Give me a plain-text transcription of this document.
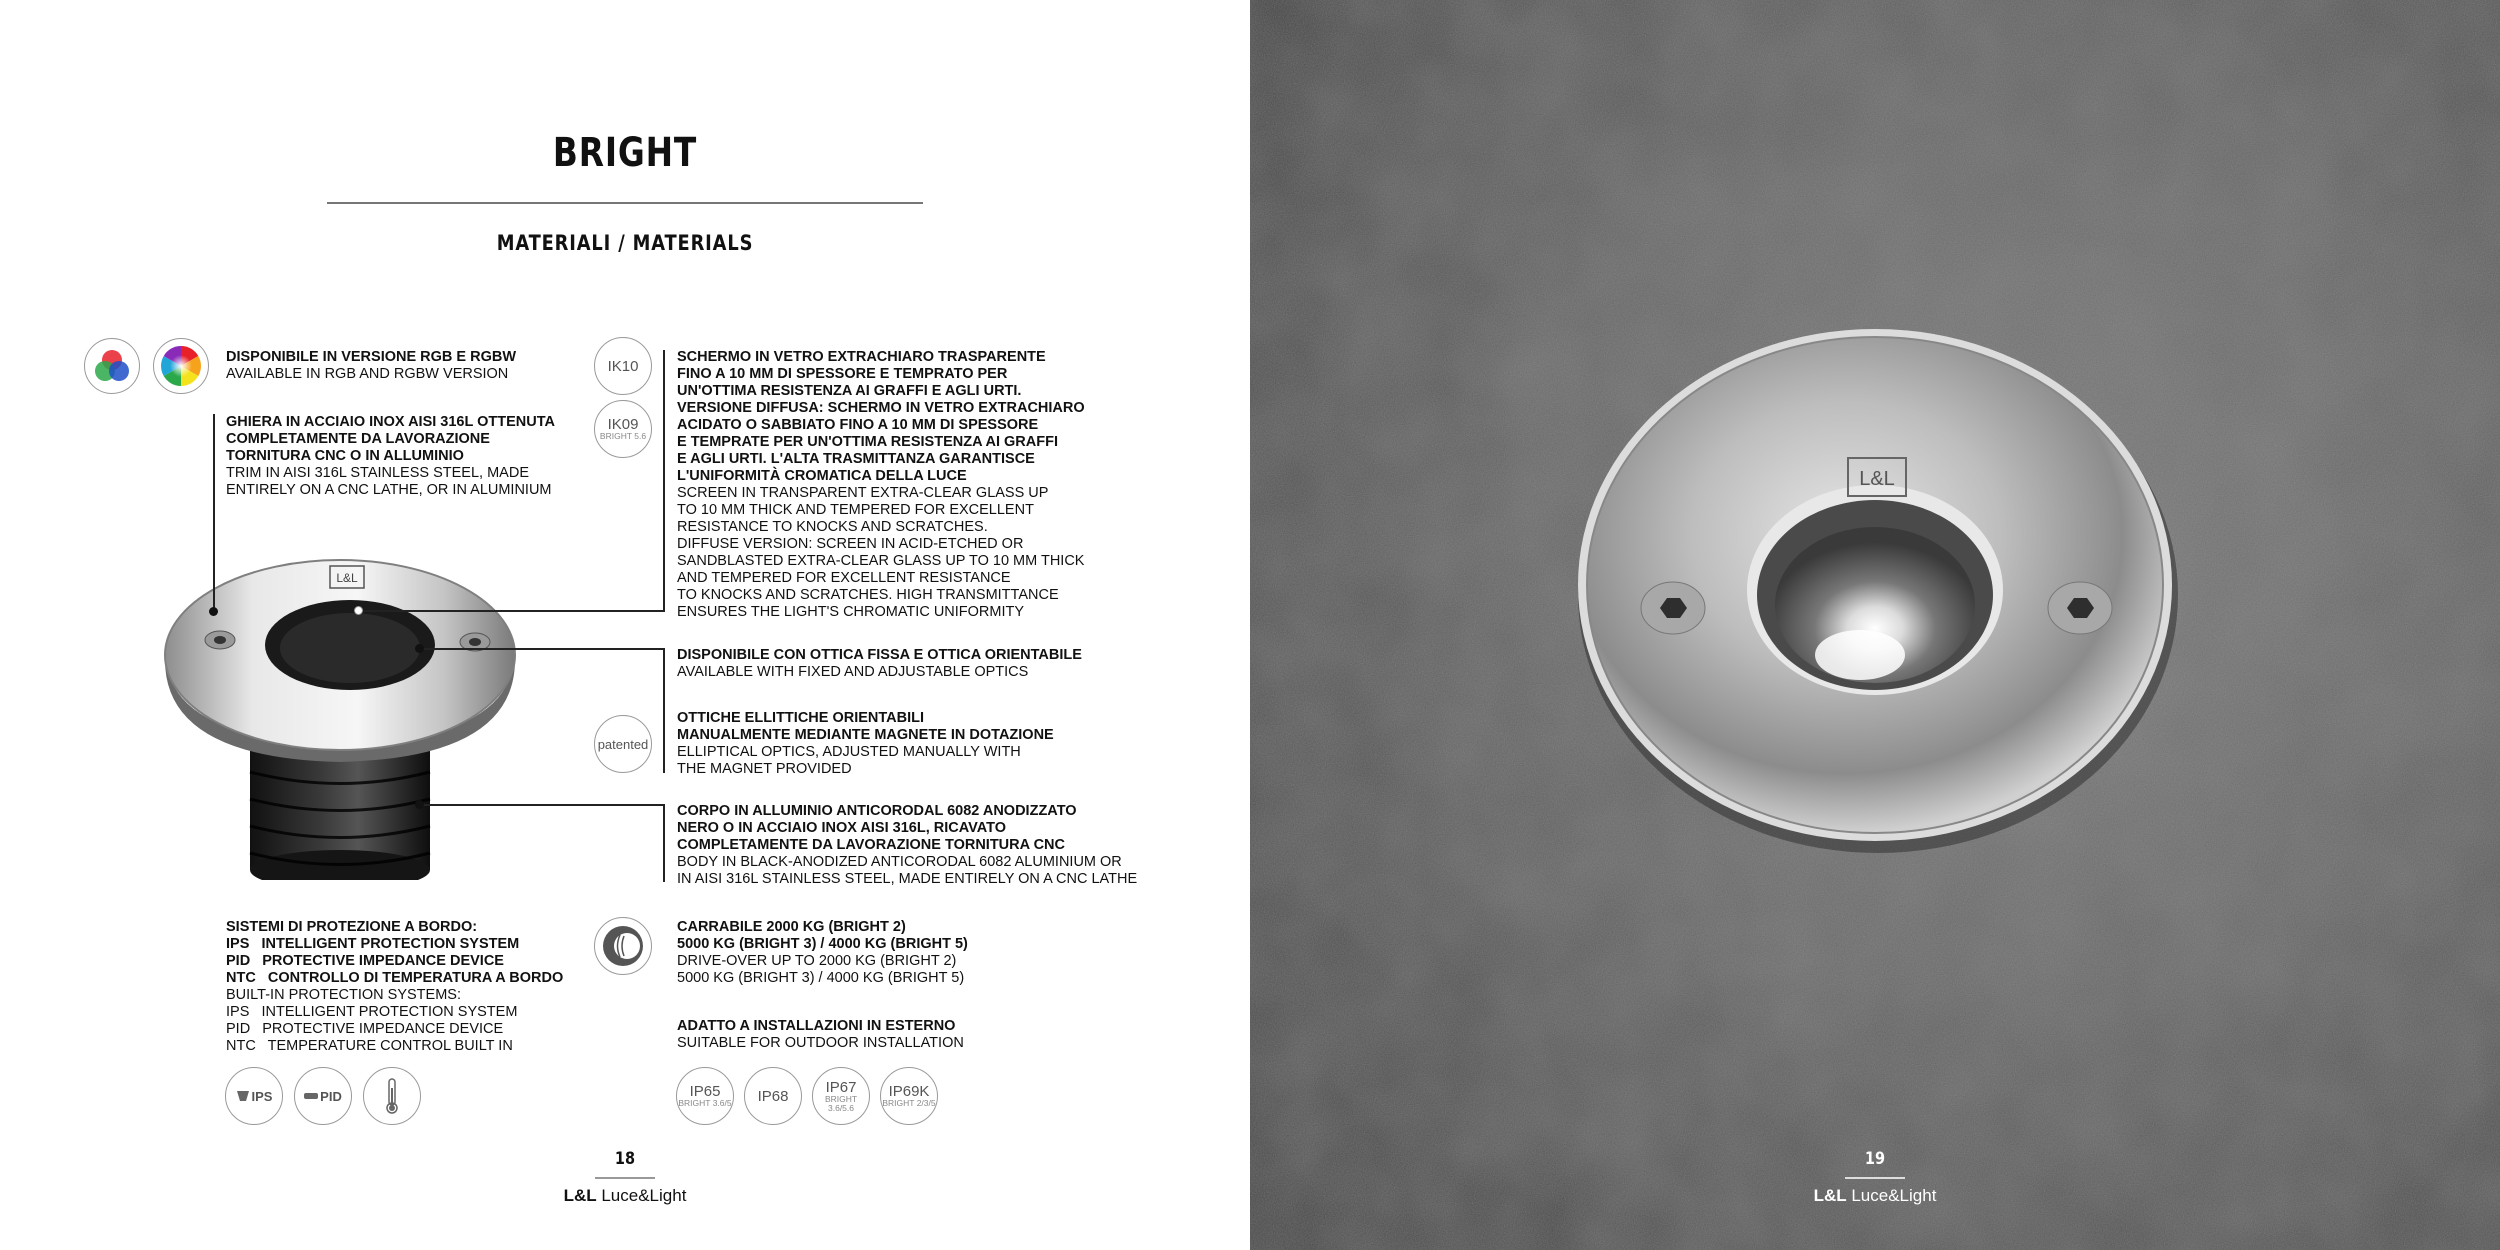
BRIGHT
MATERIALI / MATERIALS
DISPONIBILE IN VERSIONE RGB E RGBW
AVAILABLE IN RGB AND RGBW VERSION
GHIERA IN ACCIAIO INOX AISI 316L OTTENUTA
COMPLETAMENTE DA LAVORAZIONE
TORNITURA CNC O IN ALLUMINIO
TRIM IN AISI 316L STAINLESS STEEL, MADE
ENTIRELY ON A CNC LATHE, OR IN ALUMINIUM
L&L
IK10
IK09
BRIGHT 5.6
SCHERMO IN VETRO EXTRACHIARO TRASPARENTE
FINO A 10 MM DI SPESSORE E TEMPRATO PER
UN'OTTIMA RESISTENZA AI GRAFFI E AGLI URTI.
VERSIONE DIFFUSA: SCHERMO IN VETRO EXTRACHIARO
ACIDATO O SABBIATO FINO A 10 MM DI SPESSORE
E TEMPRATE PER UN'OTTIMA RESISTENZA AI GRAFFI
E AGLI URTI. L'ALTA TRASMITTANZA GARANTISCE
L'UNIFORMITÀ CROMATICA DELLA LUCE
SCREEN IN TRANSPARENT EXTRA-CLEAR GLASS UP
TO 10 MM THICK AND TEMPERED FOR EXCELLENT
RESISTANCE TO KNOCKS AND SCRATCHES.
DIFFUSE VERSION: SCREEN IN ACID-ETCHED OR
SANDBLASTED EXTRA-CLEAR GLASS UP TO 10 MM THICK
AND TEMPERED FOR EXCELLENT RESISTANCE
TO KNOCKS AND SCRATCHES. HIGH TRANSMITTANCE
ENSURES THE LIGHT'S CHROMATIC UNIFORMITY
DISPONIBILE CON OTTICA FISSA E OTTICA ORIENTABILE
AVAILABLE WITH FIXED AND ADJUSTABLE OPTICS
patented
OTTICHE ELLITTICHE ORIENTABILI
MANUALMENTE MEDIANTE MAGNETE IN DOTAZIONE
ELLIPTICAL OPTICS, ADJUSTED MANUALLY WITH
THE MAGNET PROVIDED
CORPO IN ALLUMINIO ANTICORODAL 6082 ANODIZZATO
NERO O IN ACCIAIO INOX AISI 316L, RICAVATO
COMPLETAMENTE DA LAVORAZIONE TORNITURA CNC
BODY IN BLACK-ANODIZED ANTICORODAL 6082 ALUMINIUM OR
IN AISI 316L STAINLESS STEEL, MADE ENTIRELY ON A CNC LATHE
SISTEMI DI PROTEZIONE A BORDO:
IPS   INTELLIGENT PROTECTION SYSTEM
PID   PROTECTIVE IMPEDANCE DEVICE
NTC   CONTROLLO DI TEMPERATURA A BORDO
BUILT-IN PROTECTION SYSTEMS:
IPS   INTELLIGENT PROTECTION SYSTEM
PID   PROTECTIVE IMPEDANCE DEVICE
NTC   TEMPERATURE CONTROL BUILT IN
IPS	PID
CARRABILE 2000 KG (BRIGHT 2)
5000 KG (BRIGHT 3) / 4000 KG (BRIGHT 5)
DRIVE-OVER UP TO 2000 KG (BRIGHT 2)
5000 KG (BRIGHT 3) / 4000 KG (BRIGHT 5)
ADATTO A INSTALLAZIONI IN ESTERNO
SUITABLE FOR OUTDOOR INSTALLATION
IP65
BRIGHT 3.6/5 IP68
IP67
BRIGHT 3.6/5.6
IP69K
BRIGHT 2/3/5
18
L&L Luce&Light
L&L
19
L&L Luce&Light
